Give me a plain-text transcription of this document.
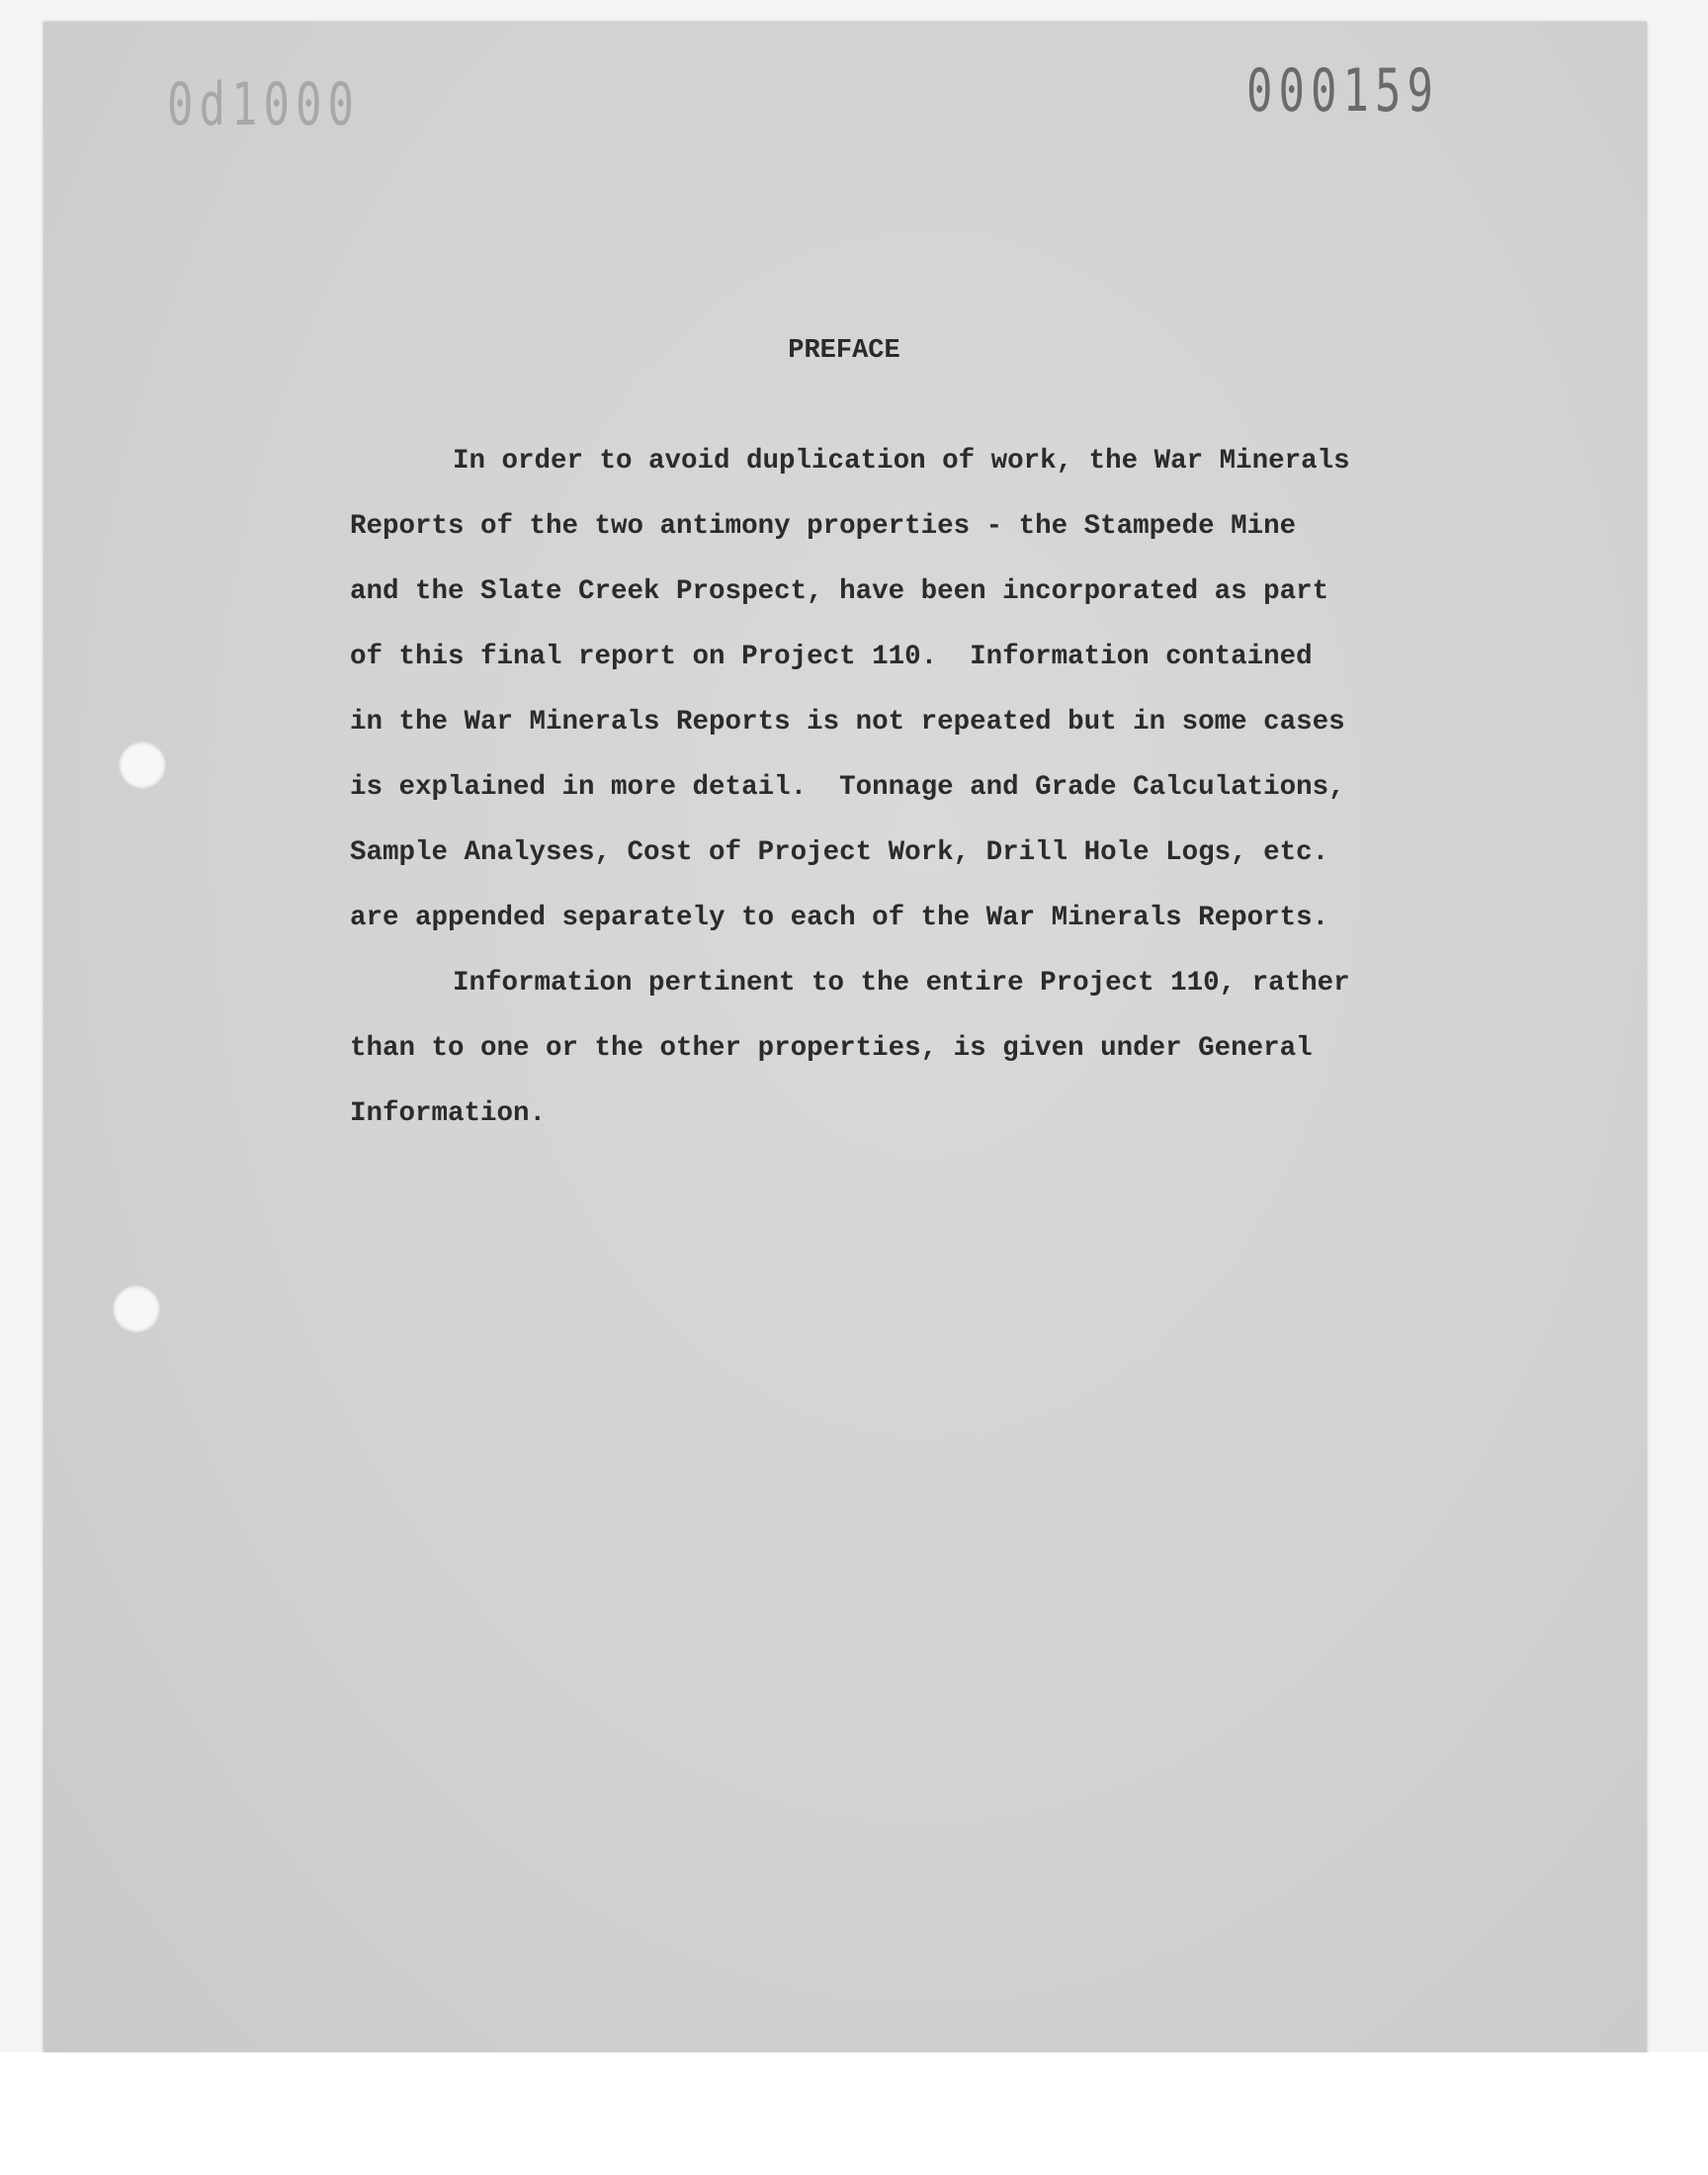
0d1000	000159
PREFACE
In order to avoid duplication of work, the War Minerals
Reports of the two antimony properties - the Stampede Mine
and the Slate Creek Prospect, have been incorporated as part
of this final report on Project 110.  Information contained
in the War Minerals Reports is not repeated but in some cases
is explained in more detail.  Tonnage and Grade Calculations,
Sample Analyses, Cost of Project Work, Drill Hole Logs, etc.
are appended separately to each of the War Minerals Reports.
Information pertinent to the entire Project 110, rather
than to one or the other properties, is given under General
Information.
